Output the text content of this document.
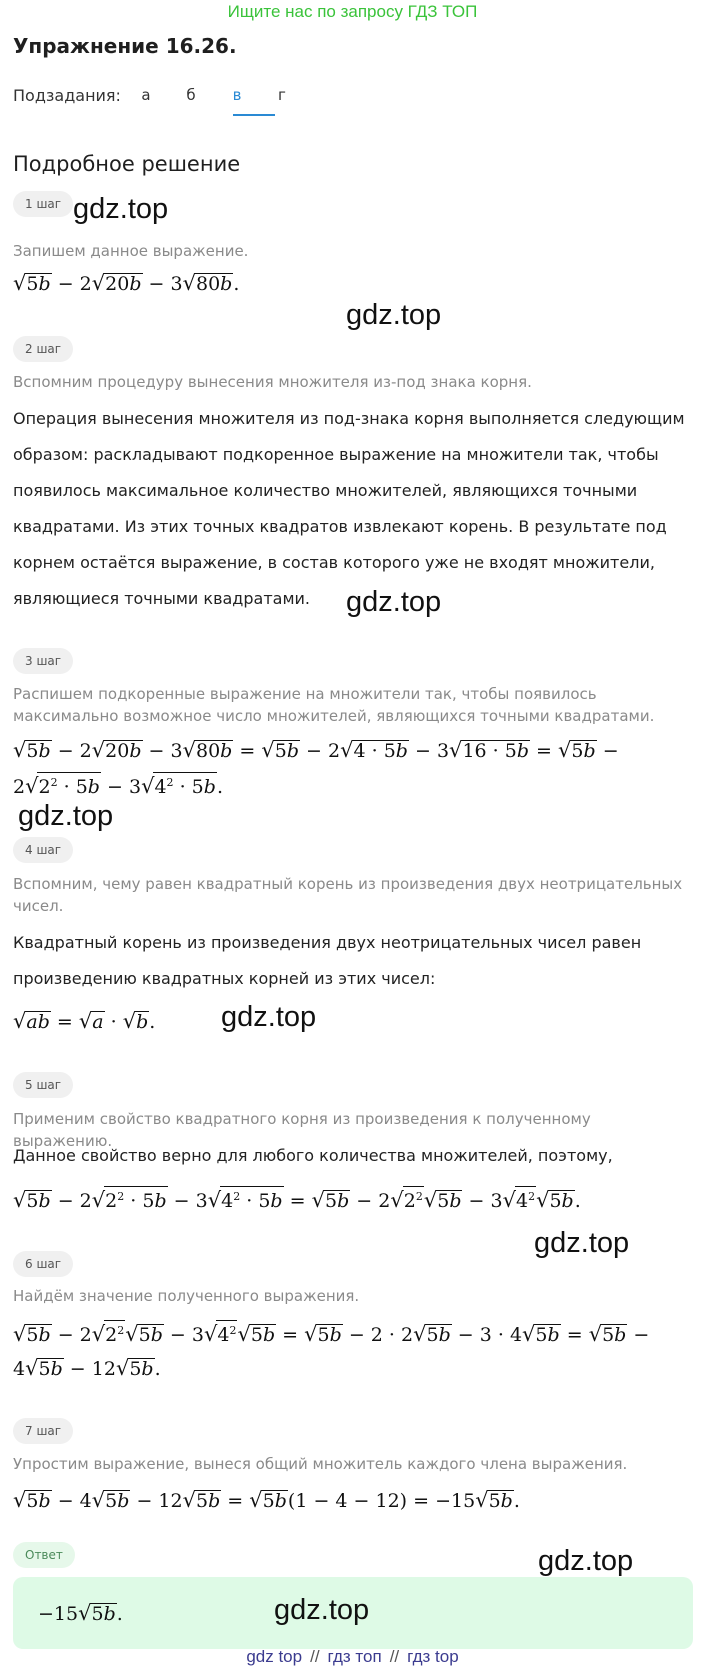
Ищите нас по запросу ГДЗ ТОП
Упражнение 16.26.
Подзадания:	а	б	в	г
Подробное решение
1 шаг gdz.top
Запишем данное выражение.
√5b − 2√20b − 3√80b.
gdz.top
2 шаг
Вспомним процедуру вынесения множителя из-под знака корня.
Операция вынесения множителя из под-знака корня выполняется следующим
образом: раскладывают подкоренное выражение на множители так, чтобы
появилось максимальное количество множителей, являющихся точными
квадратами. Из этих точных квадратов извлекают корень. В результате под
корнем остаётся выражение, в состав которого уже не входят множители,
являющиеся точными квадратами.	gdz.top
3 шаг
Распишем подкоренные выражение на множители так, чтобы появилось максимально возможное число множителей, являющихся точными квадратами.
√5b − 2√20b − 3√80b = √5b − 2√4 · 5b − 3√16 · 5b = √5b −
$2√2^2 \cdot 5b - 3√4^2 \cdot 5b$.
gdz.top
4 шаг
Вспомним, чему равен квадратный корень из произведения двух неотрицательных чисел.
Квадратный корень из произведения двух неотрицательных чисел равен
произведению квадратных корней из этих чисел:
√ab = √a · √b. gdz.top
5 шаг
Применим свойство квадратного корня из произведения к полученному выражению.
Данное свойство верно для любого количества множителей, поэтому,
$√5b - 2√2^2 \cdot 5b - 3√4^2 \cdot 5b = √5b - 2√2^2√5b - 3√4^2√5b$.
gdz.top
6 шаг
Найдём значение полученного выражения.
$√5b - 2√2^2√5b - 3√4^2√5b = √5b - 2 \cdot 2√5b - 3 \cdot 4√5b = √5b$ −
4√5b − 12√5b.
7 шаг
Упростим выражение, вынеся общий множитель каждого члена выражения.
√5b − 4√5b − 12√5b = √5b(1 − 4 − 12) = −15√5b.
Ответ	gdz.top
−15√5b.	gdz.top
gdz top // гдз топ // гдз top
